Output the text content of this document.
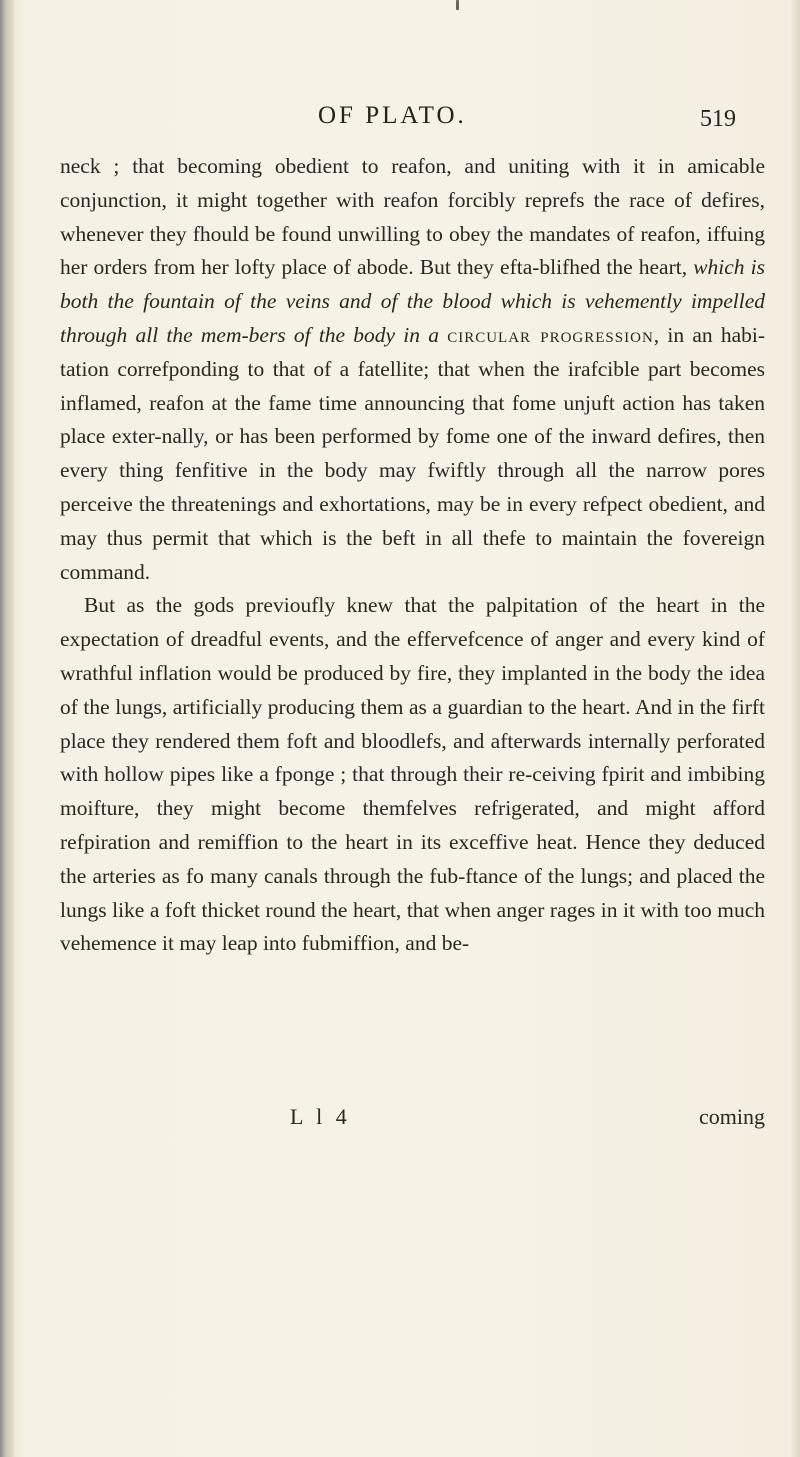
OF PLATO.	519

neck ; that becoming obedient to reafon, and uniting with it in amicable conjunction, it might together with reafon forcibly reprefs the race of defires, whenever they fhould be found unwilling to obey the mandates of reafon, iffuing her orders from her lofty place of abode. But they efta-blifhed the heart, which is both the fountain of the veins and of the blood which is vehemently impelled through all the mem-bers of the body in a circular progression, in an habi-tation correfponding to that of a fatellite; that when the irafcible part becomes inflamed, reafon at the fame time announcing that fome unjuft action has taken place exter-nally, or has been performed by fome one of the inward defires, then every thing fenfitive in the body may fwiftly through all the narrow pores perceive the threatenings and exhortations, may be in every refpect obedient, and may thus permit that which is the beft in all thefe to maintain the fovereign command.

But as the gods previoufly knew that the palpitation of the heart in the expectation of dreadful events, and the effervefcence of anger and every kind of wrathful inflation would be produced by fire, they implanted in the body the idea of the lungs, artificially producing them as a guardian to the heart. And in the firft place they rendered them foft and bloodlefs, and afterwards internally perforated with hollow pipes like a fponge ; that through their re-ceiving fpirit and imbibing moifture, they might become themfelves refrigerated, and might afford refpiration and remiffion to the heart in its exceffive heat. Hence they deduced the arteries as fo many canals through the fub-ftance of the lungs; and placed the lungs like a foft thicket round the heart, that when anger rages in it with too much vehemence it may leap into fubmiffion, and be-

L l 4	coming
